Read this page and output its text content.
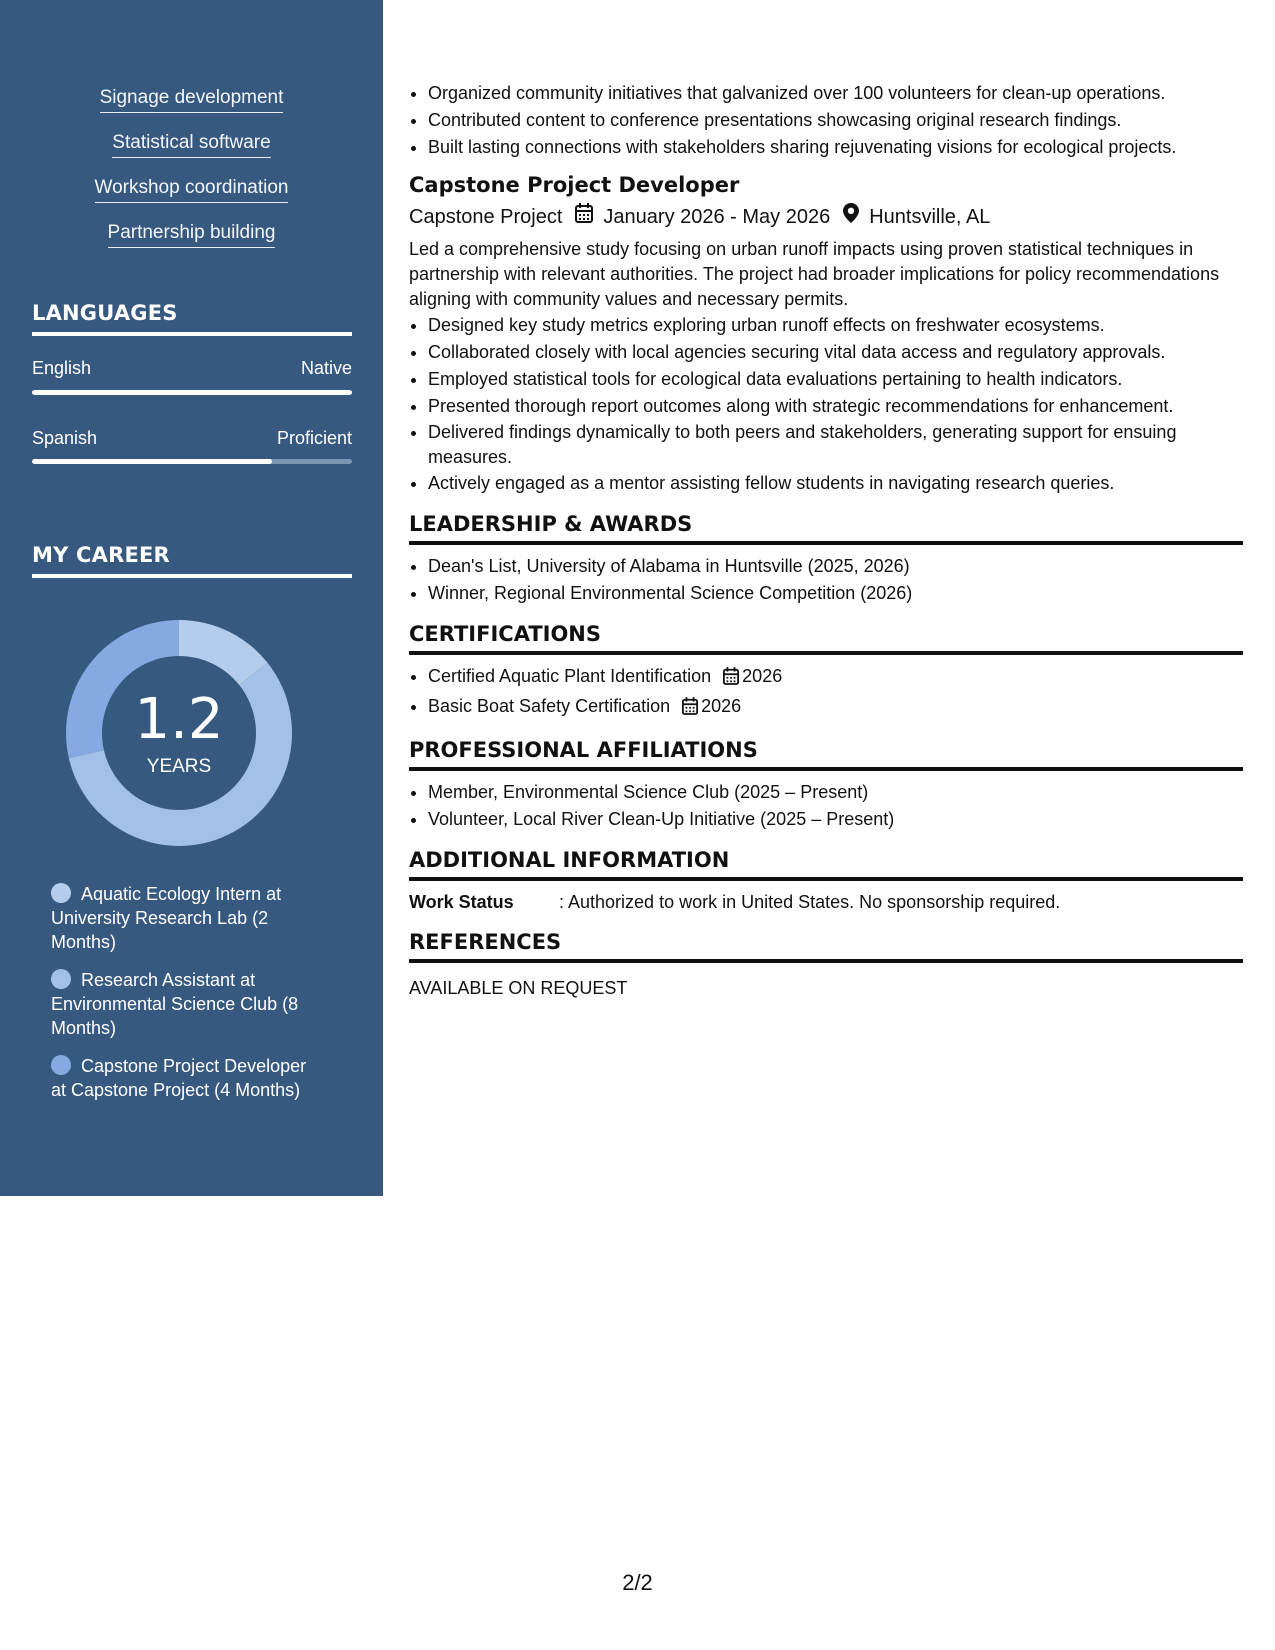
Signage development
Statistical software
Workshop coordination
Partnership building
LANGUAGES
English	Native
Spanish	Proficient
MY CAREER
1.2
YEARS
Aquatic Ecology Intern at University Research Lab (2 Months)
Research Assistant at Environmental Science Club (8 Months)
Capstone Project Developer at Capstone Project (4 Months)
• Organized community initiatives that galvanized over 100 volunteers for clean-up operations.
• Contributed content to conference presentations showcasing original research findings.
• Built lasting connections with stakeholders sharing rejuvenating visions for ecological projects.
Capstone Project Developer
Capstone Project January 2026 - May 2026 Huntsville, AL
Led a comprehensive study focusing on urban runoff impacts using proven statistical techniques in partnership with relevant authorities. The project had broader implications for policy recommendations aligning with community values and necessary permits.
• Designed key study metrics exploring urban runoff effects on freshwater ecosystems.
• Collaborated closely with local agencies securing vital data access and regulatory approvals.
• Employed statistical tools for ecological data evaluations pertaining to health indicators.
• Presented thorough report outcomes along with strategic recommendations for enhancement.
• Delivered findings dynamically to both peers and stakeholders, generating support for ensuing measures.
• Actively engaged as a mentor assisting fellow students in navigating research queries.
LEADERSHIP & AWARDS
• Dean's List, University of Alabama in Huntsville (2025, 2026)
• Winner, Regional Environmental Science Competition (2026)
CERTIFICATIONS
• Certified Aquatic Plant Identification 2026
• Basic Boat Safety Certification 2026
PROFESSIONAL AFFILIATIONS
• Member, Environmental Science Club (2025 – Present)
• Volunteer, Local River Clean-Up Initiative (2025 – Present)
ADDITIONAL INFORMATION
Work Status	: Authorized to work in United States. No sponsorship required.
REFERENCES
AVAILABLE ON REQUEST
2/2
